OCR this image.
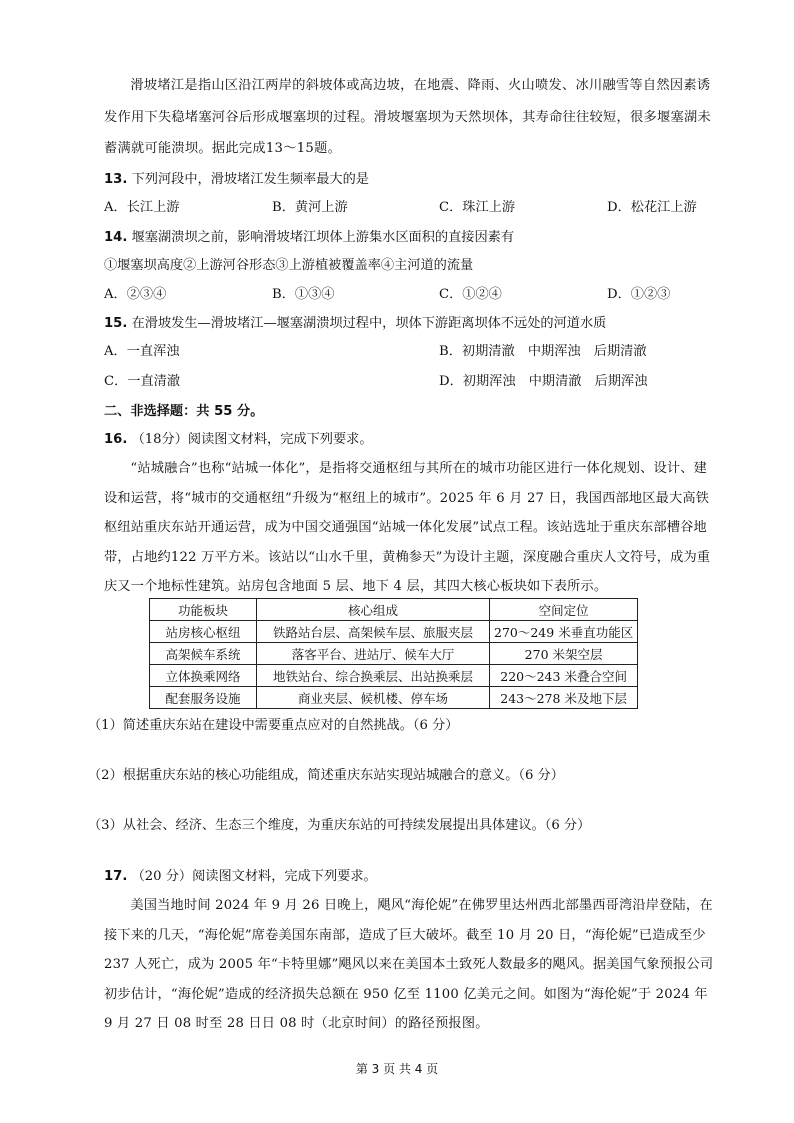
滑坡堵江是指山区沿江两岸的斜坡体或高边坡，在地震、降雨、火山喷发、冰川融雪等自然因素诱发作用下失稳堵塞河谷后形成堰塞坝的过程。滑坡堰塞坝为天然坝体，其寿命往往较短，很多堰塞湖未蓄满就可能溃坝。据此完成13～15题。

13. 下列河段中，滑坡堵江发生频率最大的是
A．长江上游	B．黄河上游	C．珠江上游	D．松花江上游
14. 堰塞湖溃坝之前，影响滑坡堵江坝体上游集水区面积的直接因素有
①堰塞坝高度②上游河谷形态③上游植被覆盖率④主河道的流量
A．②③④	B．①③④	C．①②④	D．①②③
15. 在滑坡发生—滑坡堵江—堰塞湖溃坝过程中，坝体下游距离坝体不远处的河道水质
A．一直浑浊	B．初期清澈　中期浑浊　后期清澈
C．一直清澈	D．初期浑浊　中期清澈　后期浑浊
二、非选择题：共 55 分。
16. （18分）阅读图文材料，完成下列要求。

“站城融合”也称“站城一体化”，是指将交通枢纽与其所在的城市功能区进行一体化规划、设计、建设和运营，将“城市的交通枢纽”升级为“枢纽上的城市”。2025 年 6 月 27 日，我国西部地区最大高铁枢纽站重庆东站开通运营，成为中国交通强国“站城一体化发展”试点工程。该站选址于重庆东部槽谷地带，占地约122 万平方米。该站以“山水千里，黄桷参天”为设计主题，深度融合重庆人文符号，成为重庆又一个地标性建筑。站房包含地面 5 层、地下 4 层，其四大核心板块如下表所示。

功能板块	核心组成	空间定位
站房核心枢纽	铁路站台层、高架候车层、旅服夹层	270～249 米垂直功能区
高架候车系统	落客平台、进站厅、候车大厅	270 米架空层
立体换乘网络	地铁站台、综合换乘层、出站换乘层	220～243 米叠合空间
配套服务设施	商业夹层、候机楼、停车场	243～278 米及地下层
（1）简述重庆东站在建设中需要重点应对的自然挑战。（6 分）
（2）根据重庆东站的核心功能组成，简述重庆东站实现站城融合的意义。（6 分）
（3）从社会、经济、生态三个维度，为重庆东站的可持续发展提出具体建议。（6 分）
17. （20 分）阅读图文材料，完成下列要求。

美国当地时间 2024 年 9 月 26 日晚上，飓风“海伦妮”在佛罗里达州西北部墨西哥湾沿岸登陆，在接下来的几天，“海伦妮”席卷美国东南部，造成了巨大破坏。截至 10 月 20 日，“海伦妮”已造成至少 237 人死亡，成为 2005 年“卡特里娜”飓风以来在美国本土致死人数最多的飓风。据美国气象预报公司初步估计，“海伦妮”造成的经济损失总额在 950 亿至 1100 亿美元之间。如图为“海伦妮”于 2024 年 9 月 27 日 08 时至 28 日日 08 时（北京时间）的路径预报图。

第 3 页 共 4 页
